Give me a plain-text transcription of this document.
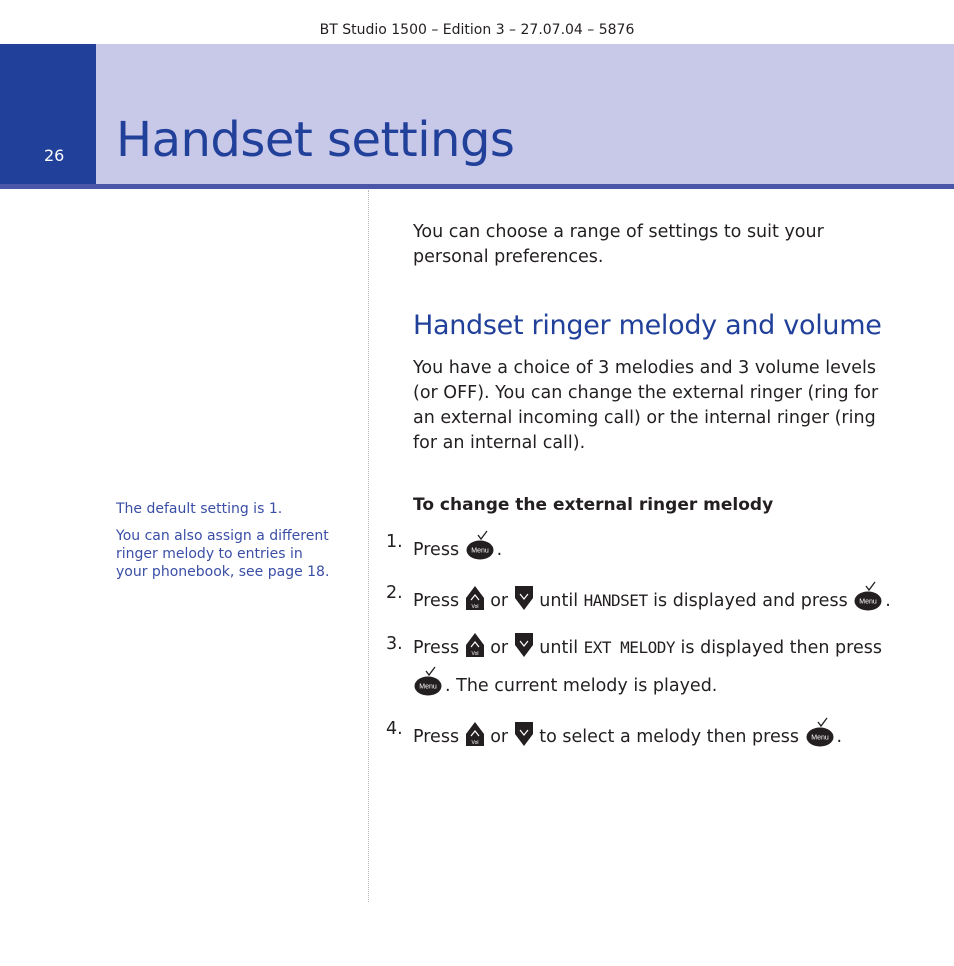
BT Studio 1500 – Edition 3 – 27.07.04 – 5876
26 Handset settings

The default setting is 1.

You can also assign a different ringer melody to entries in your phonebook, see page 18.

You can choose a range of settings to suit your personal preferences.

Handset ringer melody and volume

You have a choice of 3 melodies and 3 volume levels (or OFF). You can change the external ringer (ring for an external incoming call) or the internal ringer (ring for an internal call).

To change the external ringer melody

1. Press Menu .
2. Press Vol or until HANDSET is displayed and press Menu .
3. Press Vol or until EXT MELODY is displayed then press
Menu . The current melody is played.
4. Press Vol or to select a melody then press Menu .
